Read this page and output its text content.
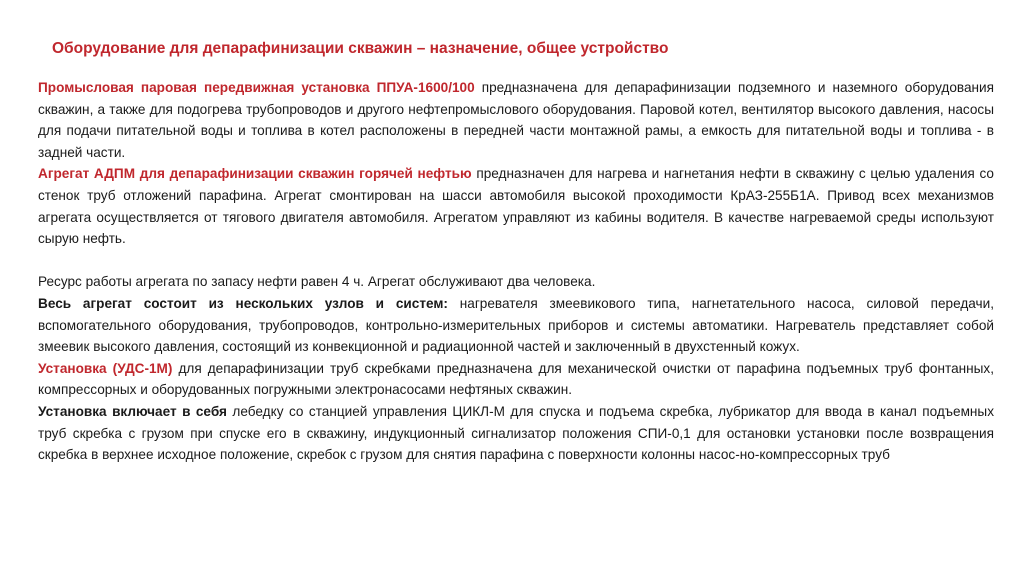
Оборудование для депарафинизации скважин – назначение, общее устройство

Промысловая паровая передвижная установка ППУА-1600/100 предназначена для депарафинизации подземного и наземного оборудования скважин, а также для подогрева трубопроводов и другого нефтепромыслового оборудования. Паровой котел, вентилятор высокого давления, насосы для подачи питательной воды и топлива в котел расположены в передней части монтажной рамы, а емкость для питательной воды и топлива - в задней части.

Агрегат АДПМ для депарафинизации скважин горячей нефтью предназначен для нагрева и нагнетания нефти в скважину с целью удаления со стенок труб отложений парафина. Агрегат смонтирован на шасси автомобиля высокой проходимости КрАЗ-255Б1А. Привод всех механизмов агрегата осуществляется от тягового двигателя автомобиля. Агрегатом управляют из кабины водителя. В качестве нагреваемой среды используют сырую нефть.

Ресурс работы агрегата по запасу нефти равен 4 ч. Агрегат обслуживают два человека.

Весь агрегат состоит из нескольких узлов и систем: нагревателя змеевикового типа, нагнетательного насоса, силовой передачи, вспомогательного оборудования, трубопроводов, контрольно-измерительных приборов и системы автоматики. Нагреватель представляет собой змеевик высокого давления, состоящий из конвекционной и радиационной частей и заключенный в двухстенный кожух.

Установка (УДС-1М) для депарафинизации труб скребками предназначена для механической очистки от парафина подъемных труб фонтанных, компрессорных и оборудованных погружными электронасосами нефтяных скважин.

Установка включает в себя лебедку со станцией управления ЦИКЛ-М для спуска и подъема скребка, лубрикатор для ввода в канал подъемных труб скребка с грузом при спуске его в скважину, индукционный сигнализатор положения СПИ-0,1 для остановки установки после возвращения скребка в верхнее исходное положение, скребок с грузом для снятия парафина с поверхности колонны насос-но-компрессорных труб
